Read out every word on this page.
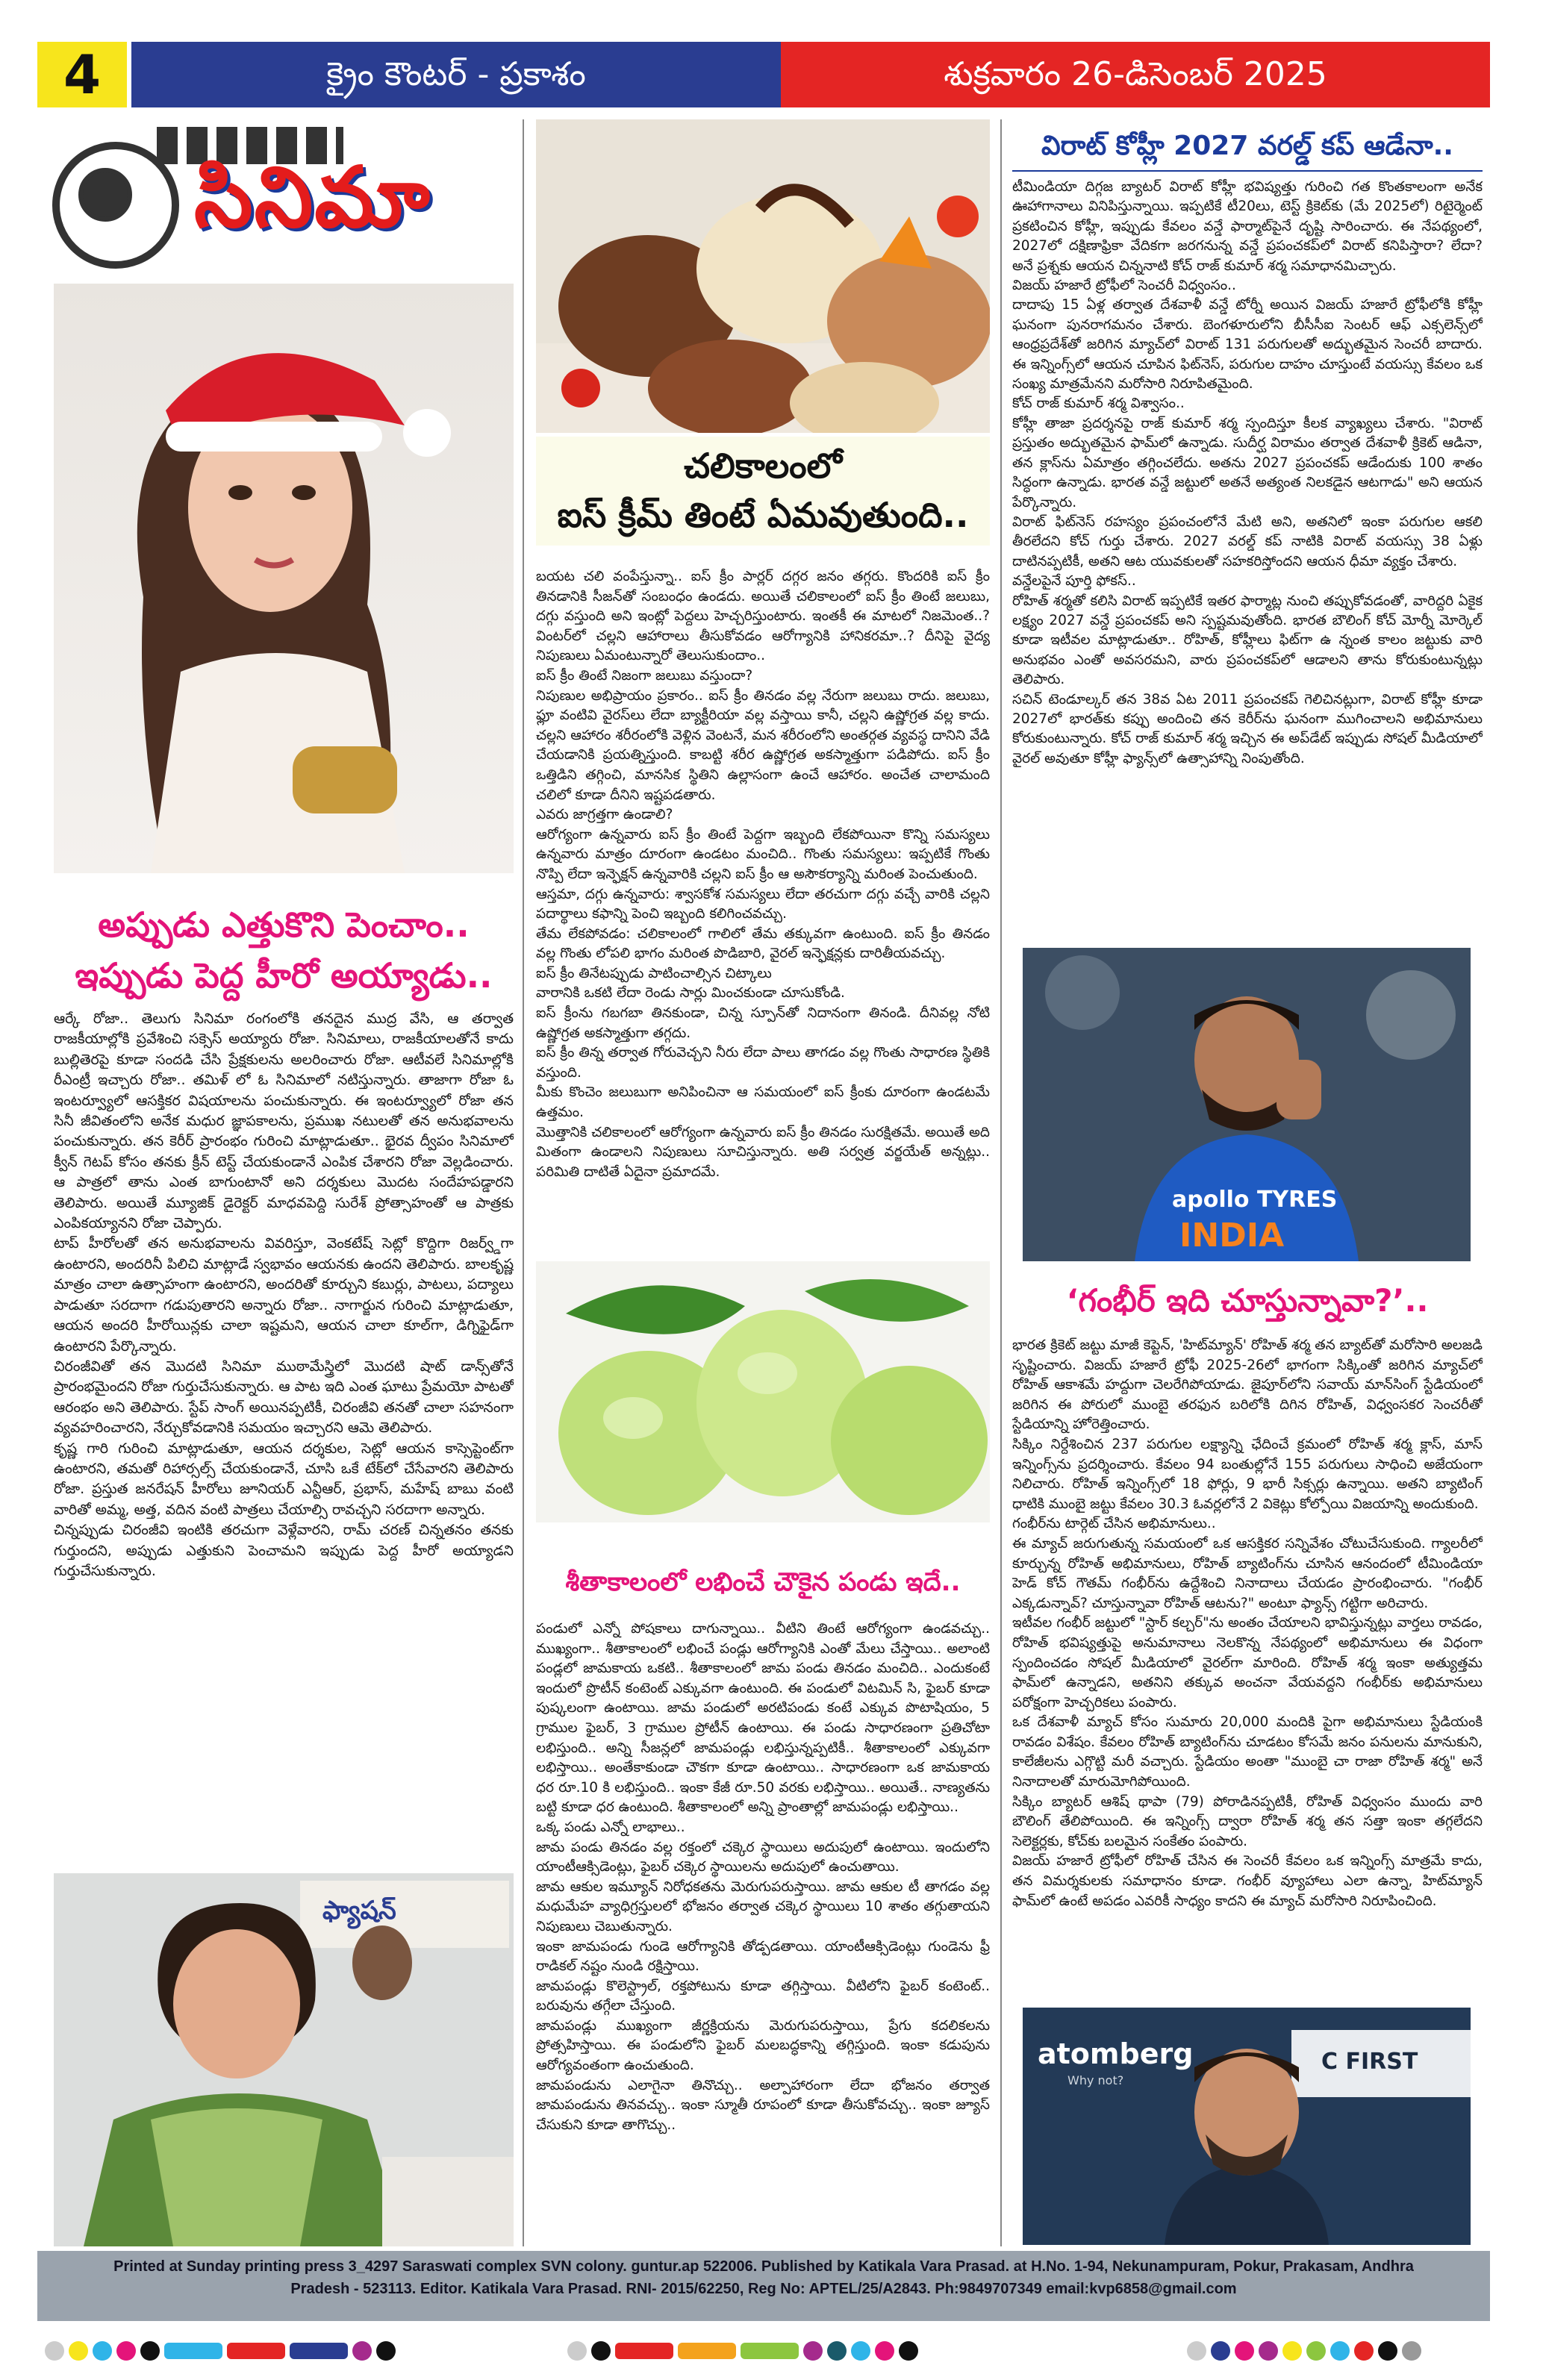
4	క్రైం కౌంటర్ - ప్రకాశం	శుక్రవారం 26-డిసెంబర్ 2025
సినిమా
అప్పుడు ఎత్తుకొని పెంచాం..
ఇప్పుడు పెద్ద హీరో అయ్యాడు..
ఆర్కే రోజా.. తెలుగు సినిమా రంగంలోకి తనదైన ముద్ర వేసి, ఆ తర్వాత రాజకీయాల్లోకి ప్రవేశించి సక్సెస్ అయ్యారు రోజా. సినిమాలు, రాజకీయాలతోనే కాదు బుల్లితెరపై కూడా సందడి చేసి ప్రేక్షకులను అలరించారు రోజా. ఆటీవలే సినిమాల్లోకి రీఎంట్రీ ఇచ్చారు రోజా.. తమిళ్ లో ఓ సినిమాలో నటిస్తున్నారు. తాజాగా రోజా ఓ ఇంటర్వ్యూలో ఆసక్తికర విషయాలను పంచుకున్నారు. ఈ ఇంటర్వ్యూలో రోజా తన సినీ జీవితంలోని అనేక మధుర జ్ఞాపకాలను, ప్రముఖ నటులతో తన అనుభవాలను పంచుకున్నారు. తన కెరీర్ ప్రారంభం గురించి మాట్లాడుతూ.. భైరవ ద్వీపం సినిమాలో క్వీన్ గెటప్ కోసం తనకు క్రీన్ టెస్ట్ చేయకుండానే ఎంపిక చేశారని రోజా వెల్లడించారు. ఆ పాత్రలో తాను ఎంత బాగుంటానో అని దర్శకులు మొదట సందేహపడ్డారని తెలిపారు. అయితే మ్యూజిక్ డైరెక్టర్ మాధవపెద్ది సురేశ్ ప్రోత్సాహంతో ఆ పాత్రకు ఎంపికయ్యానని రోజా చెప్పారు.
టాప్ హీరోలతో తన అనుభవాలను వివరిస్తూ, వెంకటేష్ సెట్లో కొద్దిగా రిజర్వ్డ్‌గా ఉంటారని, అందరినీ పిలిచి మాట్లాడే స్వభావం ఆయనకు ఉందని తెలిపారు. బాలకృష్ణ మాత్రం చాలా ఉత్సాహంగా ఉంటారని, అందరితో కూర్చుని కబుర్లు, పాటలు, పద్యాలు పాడుతూ సరదాగా గడుపుతారని అన్నారు రోజా.. నాగార్జున గురించి మాట్లాడుతూ, ఆయన అందరి హీరోయిన్లకు చాలా ఇష్టమని, ఆయన చాలా కూల్‌గా, డిగ్నిఫైడ్‌గా ఉంటారని పేర్కొన్నారు.
చిరంజీవితో తన మొదటి సినిమా ముఠామేస్త్రిలో మొదటి షాట్ డాన్స్‌తోనే ప్రారంభమైందని రోజా గుర్తుచేసుకున్నారు. ఆ పాట ఇది ఎంత ఘాటు ప్రేమయో పాటతో ఆరంభం అని తెలిపారు. స్టేప్ సాంగ్ అయినప్పటికీ, చిరంజీవి తనతో చాలా సహనంగా వ్యవహరించారని, నేర్చుకోవడానికి సమయం ఇచ్చారని ఆమె తెలిపారు.
కృష్ణ గారి గురించి మాట్లాడుతూ, ఆయన దర్శకుల, సెట్లో ఆయన కాస్సెప్టెంట్‌గా ఉంటారని, తమతో రిహార్సల్స్ చేయకుండానే, చూసి ఒకే టేక్‌లో చేసేవారని తెలిపారు రోజా. ప్రస్తుత జనరేషన్ హీరోలు జూనియర్ ఎన్టీఆర్, ప్రభాస్, మహేష్ బాబు వంటి వారితో అమ్మ, అత్త, వదిన వంటి పాత్రలు చేయాల్సి రావచ్చని సరదాగా అన్నారు.
చిన్నప్పుడు చిరంజీవి ఇంటికి తరచుగా వెళ్లేవారని, రామ్ చరణ్ చిన్నతనం తనకు గుర్తుందని, అప్పుడు ఎత్తుకుని పెంచామని ఇప్పుడు పెద్ద హీరో అయ్యాడని గుర్తుచేసుకున్నారు.
ఫ్యాషన్
చలికాలంలో
ఐస్ క్రీమ్ తింటే ఏమవుతుంది..
బయట చలి వంపేస్తున్నా.. ఐస్ క్రీం పార్లర్ దగ్గర జనం తగ్గరు. కొందరికి ఐస్ క్రీం తినడానికి సీజన్‌తో సంబంధం ఉండదు. అయితే చలికాలంలో ఐస్ క్రీం తింటే జలుబు, దగ్గు వస్తుంది అని ఇంట్లో పెద్దలు హెచ్చరిస్తుంటారు. ఇంతకీ ఈ మాటలో నిజమెంత..? వింటర్‌లో చల్లని ఆహారాలు తీసుకోవడం ఆరోగ్యానికి హానికరమా..? దీనిపై వైద్య నిపుణులు ఏమంటున్నారో తెలుసుకుందాం..
ఐస్ క్రీం తింటే నిజంగా జలుబు వస్తుందా?
నిపుణుల అభిప్రాయం ప్రకారం.. ఐస్ క్రీం తినడం వల్ల నేరుగా జలుబు రాదు. జలుబు, ఫ్లూ వంటివి వైరస్‌లు లేదా బ్యాక్టీరియా వల్ల వస్తాయి కానీ, చల్లని ఉష్ణోగ్రత వల్ల కాదు. చల్లని ఆహారం శరీరంలోకి వెళ్లిన వెంటనే, మన శరీరంలోని అంతర్గత వ్యవస్థ దానిని వేడి చేయడానికి ప్రయత్నిస్తుంది. కాబట్టి శరీర ఉష్ణోగ్రత అకస్మాత్తుగా పడిపోదు. ఐస్ క్రీం ఒత్తిడిని తగ్గించి, మానసిక స్థితిని ఉల్లాసంగా ఉంచే ఆహారం. అంచేత చాలామంది చలిలో కూడా దీనిని ఇష్టపడతారు.
ఎవరు జాగ్రత్తగా ఉండాలి?
ఆరోగ్యంగా ఉన్నవారు ఐస్ క్రీం తింటే పెద్దగా ఇబ్బంది లేకపోయినా కొన్ని సమస్యలు ఉన్నవారు మాత్రం దూరంగా ఉండటం మంచిది.. గొంతు సమస్యలు: ఇప్పటికే గొంతు నొప్పి లేదా ఇన్ఫెక్షన్ ఉన్నవారికి చల్లని ఐస్ క్రీం ఆ అసౌకర్యాన్ని మరింత పెంచుతుంది.
ఆస్తమా, దగ్గు ఉన్నవారు: శ్వాసకోశ సమస్యలు లేదా తరచుగా దగ్గు వచ్చే వారికి చల్లని పదార్థాలు కఫాన్ని పెంచి ఇబ్బంది కలిగించవచ్చు.
తేమ లేకపోవడం: చలికాలంలో గాలిలో తేమ తక్కువగా ఉంటుంది. ఐస్ క్రీం తినడం వల్ల గొంతు లోపలి భాగం మరింత పొడిబారి, వైరల్ ఇన్ఫెక్షన్లకు దారితీయవచ్చు.
ఐస్ క్రీం తినేటప్పుడు పాటించాల్సిన చిట్కాలు
వారానికి ఒకటి లేదా రెండు సార్లు మించకుండా చూసుకోండి.
ఐస్ క్రీంను గబగబా తినకుండా, చిన్న స్పూన్‌తో నిదానంగా తినండి. దీనివల్ల నోటి ఉష్ణోగ్రత అకస్మాత్తుగా తగ్గదు.
ఐస్ క్రీం తిన్న తర్వాత గోరువెచ్చని నీరు లేదా పాలు తాగడం వల్ల గొంతు సాధారణ స్థితికి వస్తుంది.
మీకు కొంచెం జలుబుగా అనిపించినా ఆ సమయంలో ఐస్ క్రీంకు దూరంగా ఉండటమే ఉత్తమం.
మొత్తానికి చలికాలంలో ఆరోగ్యంగా ఉన్నవారు ఐస్ క్రీం తినడం సురక్షితమే. అయితే అది మితంగా ఉండాలని నిపుణులు సూచిస్తున్నారు. అతి సర్వత్ర వర్జయేత్ అన్నట్లు.. పరిమితి దాటితే ఏదైనా ప్రమాదమే.
శీతాకాలంలో లభించే చౌకైన పండు ఇదే..
పండులో ఎన్నో పోషకాలు దాగున్నాయి.. వీటిని తింటే ఆరోగ్యంగా ఉండవచ్చు.. ముఖ్యంగా.. శీతాకాలంలో లభించే పండ్లు ఆరోగ్యానికి ఎంతో మేలు చేస్తాయి.. అలాంటి పండ్లలో జామకాయ ఒకటి.. శీతాకాలంలో జామ పండు తినడం మంచిది.. ఎందుకంటే ఇందులో ప్రొటీన్ కంటెంట్ ఎక్కువగా ఉంటుంది. ఈ పండులో విటమిన్ సి, ఫైబర్ కూడా పుష్కలంగా ఉంటాయి. జామ పండులో అరటిపండు కంటే ఎక్కువ పొటాషియం, 5 గ్రాముల ఫైబర్, 3 గ్రాముల ప్రోటీన్ ఉంటాయి. ఈ పండు సాధారణంగా ప్రతిచోటా లభిస్తుంది.. అన్ని సీజన్లలో జామపండ్లు లభిస్తున్నప్పటికీ.. శీతాకాలంలో ఎక్కువగా లభిస్తాయి.. అంతేకాకుండా చౌకగా కూడా ఉంటాయి.. సాధారణంగా ఒక జామకాయ ధర రూ.10 కి లభిస్తుంది.. ఇంకా కేజీ రూ.50 వరకు లభిస్తాయి.. అయితే.. నాణ్యతను బట్టి కూడా ధర ఉంటుంది. శీతాకాలంలో అన్ని ప్రాంతాల్లో జామపండ్లు లభిస్తాయి..
ఒక్క పండు ఎన్నో లాభాలు..
జామ పండు తినడం వల్ల రక్తంలో చక్కెర స్థాయిలు అదుపులో ఉంటాయి. ఇందులోని యాంటీఆక్సిడెంట్లు, ఫైబర్ చక్కెర స్థాయిలను అదుపులో ఉంచుతాయి.
జామ ఆకుల ఇమ్యూన్ నిరోధకతను మెరుగుపరుస్తాయి. జామ ఆకుల టీ తాగడం వల్ల మధుమేహ వ్యాధిగ్రస్తులలో భోజనం తర్వాత చక్కెర స్థాయిలు 10 శాతం తగ్గుతాయని నిపుణులు చెబుతున్నారు.
ఇంకా జామపండు గుండె ఆరోగ్యానికి తోడ్పడతాయి. యాంటీఆక్సిడెంట్లు గుండెను ఫ్రీ రాడికల్ నష్టం నుండి రక్షిస్తాయి.
జామపండ్లు కొలెస్ట్రాల్, రక్తపోటును కూడా తగ్గిస్తాయి. వీటిలోని ఫైబర్ కంటెంట్.. బరువును తగ్గేలా చేస్తుంది.
జామపండ్లు ముఖ్యంగా జీర్ణక్రియను మెరుగుపరుస్తాయి, ప్రేగు కదలికలను ప్రోత్సహిస్తాయి. ఈ పండులోని ఫైబర్ మలబద్ధకాన్ని తగ్గిస్తుంది. ఇంకా కడుపును ఆరోగ్యవంతంగా ఉంచుతుంది.
జామపండును ఎలాగైనా తినొచ్చు.. అల్పాహారంగా లేదా భోజనం తర్వాత జామపండును తినవచ్చు.. ఇంకా స్మూతీ రూపంలో కూడా తీసుకోవచ్చు.. ఇంకా జ్యూస్ చేసుకుని కూడా తాగొచ్చు..
విరాట్ కోహ్లీ 2027 వరల్డ్ కప్ ఆడేనా..
టీమిండియా దిగ్గజ బ్యాటర్ విరాట్ కోహ్లీ భవిష్యత్తు గురించి గత కొంతకాలంగా అనేక ఊహాగానాలు వినిపిస్తున్నాయి. ఇప్పటికే టీ20లు, టెస్ట్ క్రికెట్‌కు (మే 2025లో) రిటైర్మెంట్ ప్రకటించిన కోహ్లీ, ఇప్పుడు కేవలం వన్డే ఫార్మాట్‌పైనే దృష్టి సారించారు. ఈ నేపథ్యంలో, 2027లో దక్షిణాఫ్రికా వేదికగా జరగనున్న వన్డే ప్రపంచకప్‌లో విరాట్ కనిపిస్తారా? లేదా? అనే ప్రశ్నకు ఆయన చిన్ననాటి కోచ్ రాజ్ కుమార్ శర్మ సమాధానమిచ్చారు.
విజయ్ హజారే ట్రోఫీలో సెంచరీ విధ్వంసం..
దాదాపు 15 ఏళ్ల తర్వాత దేశవాళీ వన్డే టోర్నీ అయిన విజయ్ హజారే ట్రోఫీలోకి కోహ్లీ ఘనంగా పునరాగమనం చేశారు. బెంగళూరులోని బీసీసీఐ సెంటర్ ఆఫ్ ఎక్సలెన్స్‌లో ఆంధ్రప్రదేశ్‌తో జరిగిన మ్యాచ్‌లో విరాట్ 131 పరుగులతో అద్భుతమైన సెంచరీ బాదారు. ఈ ఇన్నింగ్స్‌లో ఆయన చూపిన ఫిట్‌నెస్, పరుగుల దాహం చూస్తుంటే వయస్సు కేవలం ఒక సంఖ్య మాత్రమేనని మరోసారి నిరూపితమైంది.
కోచ్ రాజ్ కుమార్ శర్మ విశ్వాసం..
కోహ్లీ తాజా ప్రదర్శనపై రాజ్ కుమార్ శర్మ స్పందిస్తూ కీలక వ్యాఖ్యలు చేశారు. "విరాట్ ప్రస్తుతం అద్భుతమైన ఫామ్‌లో ఉన్నాడు. సుదీర్ఘ విరామం తర్వాత దేశవాళీ క్రికెట్ ఆడినా, తన క్లాస్‌ను ఏమాత్రం తగ్గించలేదు. అతను 2027 ప్రపంచకప్ ఆడేందుకు 100 శాతం సిద్ధంగా ఉన్నాడు. భారత వన్డే జట్టులో అతనే అత్యంత నిలకడైన ఆటగాడు" అని ఆయన పేర్కొన్నారు.
విరాట్ ఫిట్‌నెస్ రహస్యం ప్రపంచంలోనే మేటి అని, అతనిలో ఇంకా పరుగుల ఆకలి తీరలేదని కోచ్ గుర్తు చేశారు. 2027 వరల్డ్ కప్ నాటికి విరాట్ వయస్సు 38 ఏళ్లు దాటినప్పటికీ, అతని ఆట యువకులతో సహకరిస్తోందని ఆయన ధీమా వ్యక్తం చేశారు.
వన్డేలపైనే పూర్తి ఫోకస్..
రోహిత్ శర్మతో కలిసి విరాట్ ఇప్పటికే ఇతర ఫార్మాట్ల నుంచి తప్పుకోవడంతో, వారిద్దరి ఏకైక లక్ష్యం 2027 వన్డే ప్రపంచకప్ అని స్పష్టమవుతోంది. భారత బౌలింగ్ కోచ్ మోర్నీ మోర్కెల్ కూడా ఇటీవల మాట్లాడుతూ.. రోహిత్, కోహ్లీలు ఫిట్‌గా ఉ న్నంత కాలం జట్టుకు వారి అనుభవం ఎంతో అవసరమని, వారు ప్రపంచకప్‌లో ఆడాలని తాను కోరుకుంటున్నట్లు తెలిపారు.
సచిన్ టెండూల్కర్ తన 38వ ఏట 2011 ప్రపంచకప్ గెలిచినట్లుగా, విరాట్ కోహ్లీ కూడా 2027లో భారత్‌కు కప్పు అందించి తన కెరీర్‌ను ఘనంగా ముగించాలని అభిమానులు కోరుకుంటున్నారు. కోచ్ రాజ్ కుమార్ శర్మ ఇచ్చిన ఈ అప్‌డేట్ ఇప్పుడు సోషల్ మీడియాలో వైరల్ అవుతూ కోహ్లీ ఫ్యాన్స్‌లో ఉత్సాహాన్ని నింపుతోంది.
apollo TYRES
INDIA
‘గంభీర్ ఇది చూస్తున్నావా?’..
భారత క్రికెట్ జట్టు మాజీ కెప్టెన్, 'హిట్‌మ్యాన్' రోహిత్ శర్మ తన బ్యాట్‌తో మరోసారి అలజడి సృష్టించారు. విజయ్ హజారే ట్రోఫీ 2025-26లో భాగంగా సిక్కింతో జరిగిన మ్యాచ్‌లో రోహిత్ ఆకాశమే హద్దుగా చెలరేగిపోయాడు. జైపూర్‌లోని సవాయ్ మాన్‌సింగ్ స్టేడియంలో జరిగిన ఈ పోరులో ముంబై తరఫున బరిలోకి దిగిన రోహిత్, విధ్వంసకర సెంచరీతో స్టేడియాన్ని హోరెత్తించారు.
సిక్కిం నిర్దేశించిన 237 పరుగుల లక్ష్యాన్ని ఛేదించే క్రమంలో రోహిత్ శర్మ క్లాస్, మాస్ ఇన్నింగ్స్‌ను ప్రదర్శించారు. కేవలం 94 బంతుల్లోనే 155 పరుగులు సాధించి అజేయంగా నిలిచారు. రోహిత్ ఇన్నింగ్స్‌లో 18 ఫోర్లు, 9 భారీ సిక్సర్లు ఉన్నాయి. అతని బ్యాటింగ్ ధాటికి ముంబై జట్టు కేవలం 30.3 ఓవర్లలోనే 2 వికెట్లు కోల్పోయి విజయాన్ని అందుకుంది.
గంభీర్‌ను టార్గెట్ చేసిన అభిమానులు..
ఈ మ్యాచ్ జరుగుతున్న సమయంలో ఒక ఆసక్తికర సన్నివేశం చోటుచేసుకుంది. గ్యాలరీలో కూర్చున్న రోహిత్ అభిమానులు, రోహిత్ బ్యాటింగ్‌ను చూసిన ఆనందంలో టీమిండియా హెడ్ కోచ్ గౌతమ్ గంభీర్‌ను ఉద్దేశించి నినాదాలు చేయడం ప్రారంభించారు. "గంభీర్ ఎక్కడున్నావ్? చూస్తున్నావా రోహిత్ ఆటను?" అంటూ ఫ్యాన్స్ గట్టిగా అరిచారు.
ఇటీవల గంభీర్ జట్టులో "స్టార్ కల్చర్‌"ను అంతం చేయాలని భావిస్తున్నట్లు వార్తలు రావడం, రోహిత్ భవిష్యత్తుపై అనుమానాలు నెలకొన్న నేపథ్యంలో అభిమానులు ఈ విధంగా స్పందించడం సోషల్ మీడియాలో వైరల్‌గా మారింది. రోహిత్ శర్మ ఇంకా అత్యుత్తమ ఫామ్‌లో ఉన్నాడని, అతనిని తక్కువ అంచనా వేయవద్దని గంభీర్‌కు అభిమానులు పరోక్షంగా హెచ్చరికలు పంపారు.
ఒక దేశవాళీ మ్యాచ్ కోసం సుమారు 20,000 మందికి పైగా అభిమానులు స్టేడియంకి రావడం విశేషం. కేవలం రోహిత్ బ్యాటింగ్‌ను చూడటం కోసమే జనం పనులను మానుకుని, కాలేజీలను ఎగ్గొట్టి మరీ వచ్చారు. స్టేడియం అంతా "ముంబై చా రాజా రోహిత్ శర్మ" అనే నినాదాలతో మారుమోగిపోయింది.
సిక్కిం బ్యాటర్ ఆశిష్ థాపా (79) పోరాడినప్పటికీ, రోహిత్ విధ్వంసం ముందు వారి బౌలింగ్ తేలిపోయింది. ఈ ఇన్నింగ్స్ ద్వారా రోహిత్ శర్మ తన సత్తా ఇంకా తగ్గలేదని సెలెక్టర్లకు, కోచ్‌కు బలమైన సంకేతం పంపారు.
విజయ్ హజారే ట్రోఫీలో రోహిత్ చేసిన ఈ సెంచరీ కేవలం ఒక ఇన్నింగ్స్ మాత్రమే కాదు, తన విమర్శకులకు సమాధానం కూడా. గంభీర్ వ్యూహాలు ఎలా ఉన్నా, హిట్‌మ్యాన్ ఫామ్‌లో ఉంటే అపడం ఎవరికీ సాధ్యం కాదని ఈ మ్యాచ్ మరోసారి నిరూపించింది.
atomberg
Why not?
C FIRST
Printed at Sunday printing press 3_4297 Saraswati complex SVN colony. guntur.ap 522006. Published by Katikala Vara Prasad. at H.No. 1-94, Nekunampuram, Pokur, Prakasam, Andhra
Pradesh - 523113. Editor. Katikala Vara Prasad. RNI- 2015/62250, Reg No: APTEL/25/A2843. Ph:9849707349 email:kvp6858@gmail.com
